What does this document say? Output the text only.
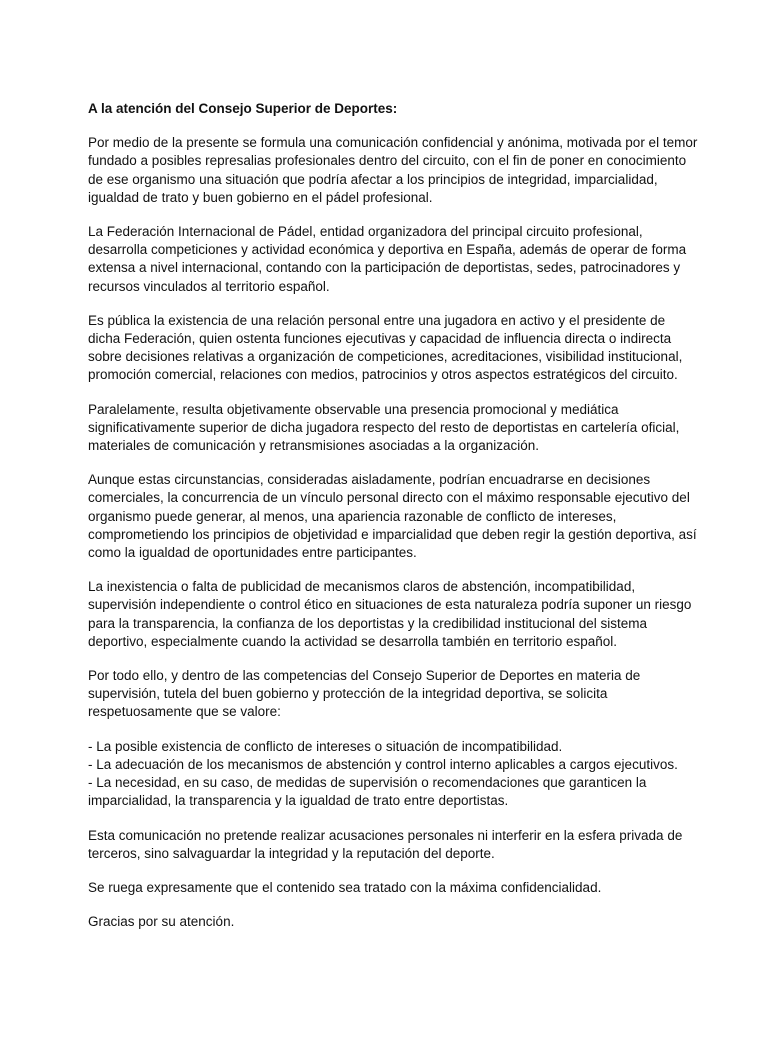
A la atención del Consejo Superior de Deportes:
Por medio de la presente se formula una comunicación confidencial y anónima, motivada por el temor
fundado a posibles represalias profesionales dentro del circuito, con el fin de poner en conocimiento
de ese organismo una situación que podría afectar a los principios de integridad, imparcialidad,
igualdad de trato y buen gobierno en el pádel profesional.
La Federación Internacional de Pádel, entidad organizadora del principal circuito profesional,
desarrolla competiciones y actividad económica y deportiva en España, además de operar de forma
extensa a nivel internacional, contando con la participación de deportistas, sedes, patrocinadores y
recursos vinculados al territorio español.
Es pública la existencia de una relación personal entre una jugadora en activo y el presidente de
dicha Federación, quien ostenta funciones ejecutivas y capacidad de influencia directa o indirecta
sobre decisiones relativas a organización de competiciones, acreditaciones, visibilidad institucional,
promoción comercial, relaciones con medios, patrocinios y otros aspectos estratégicos del circuito.
Paralelamente, resulta objetivamente observable una presencia promocional y mediática
significativamente superior de dicha jugadora respecto del resto de deportistas en cartelería oficial,
materiales de comunicación y retransmisiones asociadas a la organización.
Aunque estas circunstancias, consideradas aisladamente, podrían encuadrarse en decisiones
comerciales, la concurrencia de un vínculo personal directo con el máximo responsable ejecutivo del
organismo puede generar, al menos, una apariencia razonable de conflicto de intereses,
comprometiendo los principios de objetividad e imparcialidad que deben regir la gestión deportiva, así
como la igualdad de oportunidades entre participantes.
La inexistencia o falta de publicidad de mecanismos claros de abstención, incompatibilidad,
supervisión independiente o control ético en situaciones de esta naturaleza podría suponer un riesgo
para la transparencia, la confianza de los deportistas y la credibilidad institucional del sistema
deportivo, especialmente cuando la actividad se desarrolla también en territorio español.
Por todo ello, y dentro de las competencias del Consejo Superior de Deportes en materia de
supervisión, tutela del buen gobierno y protección de la integridad deportiva, se solicita
respetuosamente que se valore:
- La posible existencia de conflicto de intereses o situación de incompatibilidad.
- La adecuación de los mecanismos de abstención y control interno aplicables a cargos ejecutivos.
- La necesidad, en su caso, de medidas de supervisión o recomendaciones que garanticen la
imparcialidad, la transparencia y la igualdad de trato entre deportistas.
Esta comunicación no pretende realizar acusaciones personales ni interferir en la esfera privada de
terceros, sino salvaguardar la integridad y la reputación del deporte.
Se ruega expresamente que el contenido sea tratado con la máxima confidencialidad.
Gracias por su atención.
